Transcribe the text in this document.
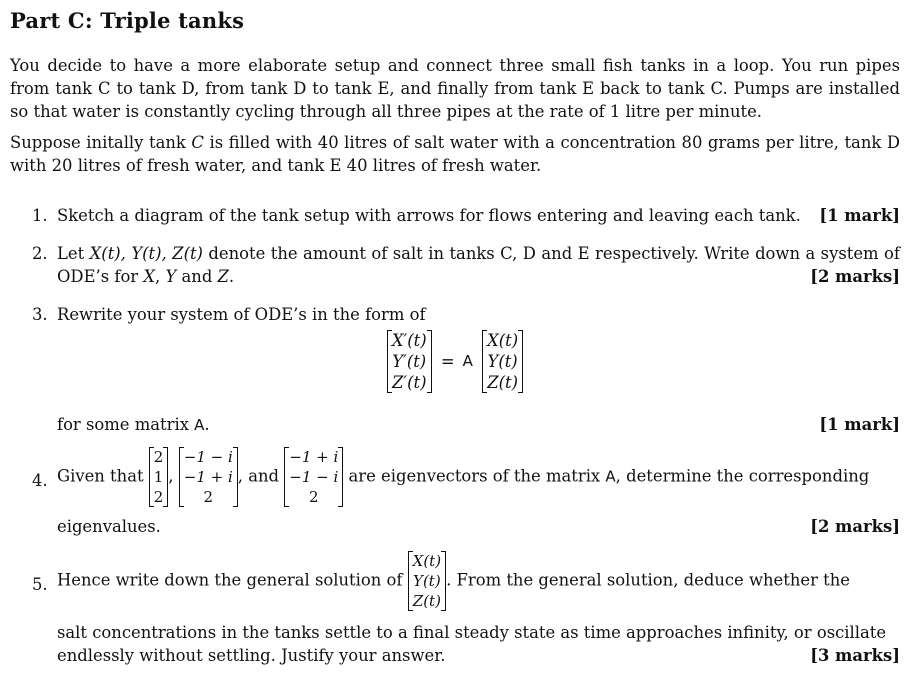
Part C: Triple tanks

You decide to have a more elaborate setup and connect three small fish tanks in a loop. You run pipes from tank C to tank D, from tank D to tank E, and finally from tank E back to tank C. Pumps are installed so that water is constantly cycling through all three pipes at the rate of 1 litre per minute.

Suppose initally tank C is filled with 40 litres of salt water with a concentration 80 grams per litre, tank D with 20 litres of fresh water, and tank E 40 litres of fresh water.

1. Sketch a diagram of the tank setup with arrows for flows entering and leaving each tank. [1 mark]
2. Let X(t), Y(t), Z(t) denote the amount of salt in tanks C, D and E respectively. Write down a system of ODE’s for X, Y and Z.	[2 marks]
3. Rewrite your system of ODE’s in the form of
X′(t)
Y′(t)
Z′(t)
= A
X(t)
Y(t)
Z(t)
for some matrix A.	[1 mark]
4. Given that
2
1
2
,
−1 − i
−1 + i
2
, and
−1 + i
−1 − i
2
are eigenvectors of the matrix A, determine the corresponding
eigenvalues.	[2 marks]
5. Hence write down the general solution of
X(t)
Y(t)
Z(t)
. From the general solution, deduce whether the
salt concentrations in the tanks settle to a final steady state as time approaches infinity, or oscillate
endlessly without settling. Justify your answer.	[3 marks]
